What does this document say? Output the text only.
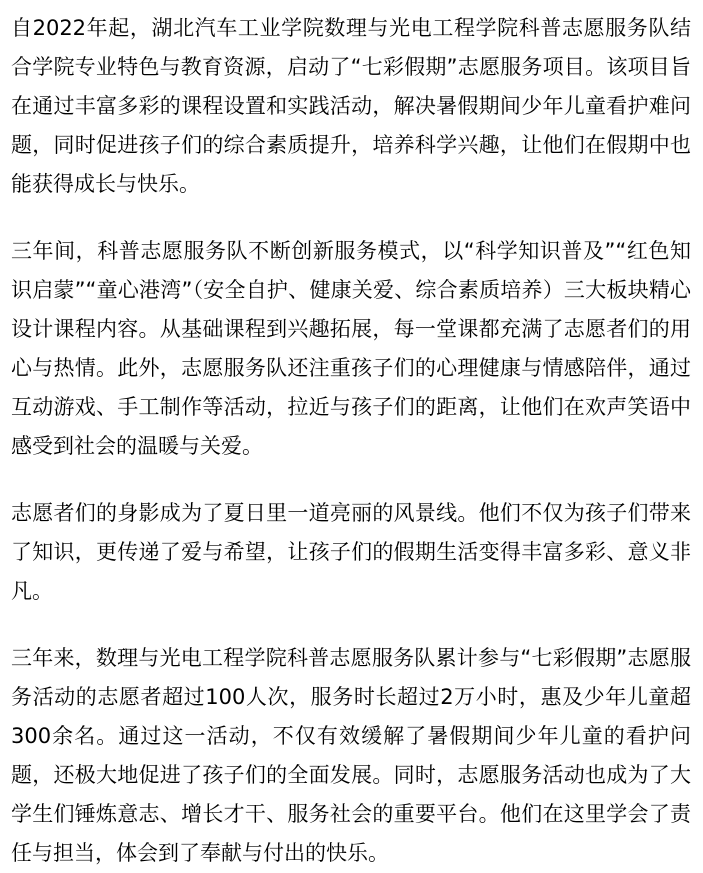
自2022年起，湖北汽车工业学院数理与光电工程学院科普志愿服务队结合学院专业特色与教育资源，启动了“七彩假期”志愿服务项目。该项目旨在通过丰富多彩的课程设置和实践活动，解决暑假期间少年儿童看护难问题，同时促进孩子们的综合素质提升，培养科学兴趣，让他们在假期中也能获得成长与快乐。

三年间，科普志愿服务队不断创新服务模式，以“科学知识普及”“红色知识启蒙”“童心港湾”（安全自护、健康关爱、综合素质培养）三大板块精心设计课程内容。从基础课程到兴趣拓展，每一堂课都充满了志愿者们的用心与热情。此外，志愿服务队还注重孩子们的心理健康与情感陪伴，通过互动游戏、手工制作等活动，拉近与孩子们的距离，让他们在欢声笑语中感受到社会的温暖与关爱。

志愿者们的身影成为了夏日里一道亮丽的风景线。他们不仅为孩子们带来了知识，更传递了爱与希望，让孩子们的假期生活变得丰富多彩、意义非凡。

三年来，数理与光电工程学院科普志愿服务队累计参与“七彩假期”志愿服务活动的志愿者超过100人次，服务时长超过2万小时，惠及少年儿童超300余名。通过这一活动，不仅有效缓解了暑假期间少年儿童的看护问题，还极大地促进了孩子们的全面发展。同时，志愿服务活动也成为了大学生们锤炼意志、增长才干、服务社会的重要平台。他们在这里学会了责任与担当，体会到了奉献与付出的快乐。
